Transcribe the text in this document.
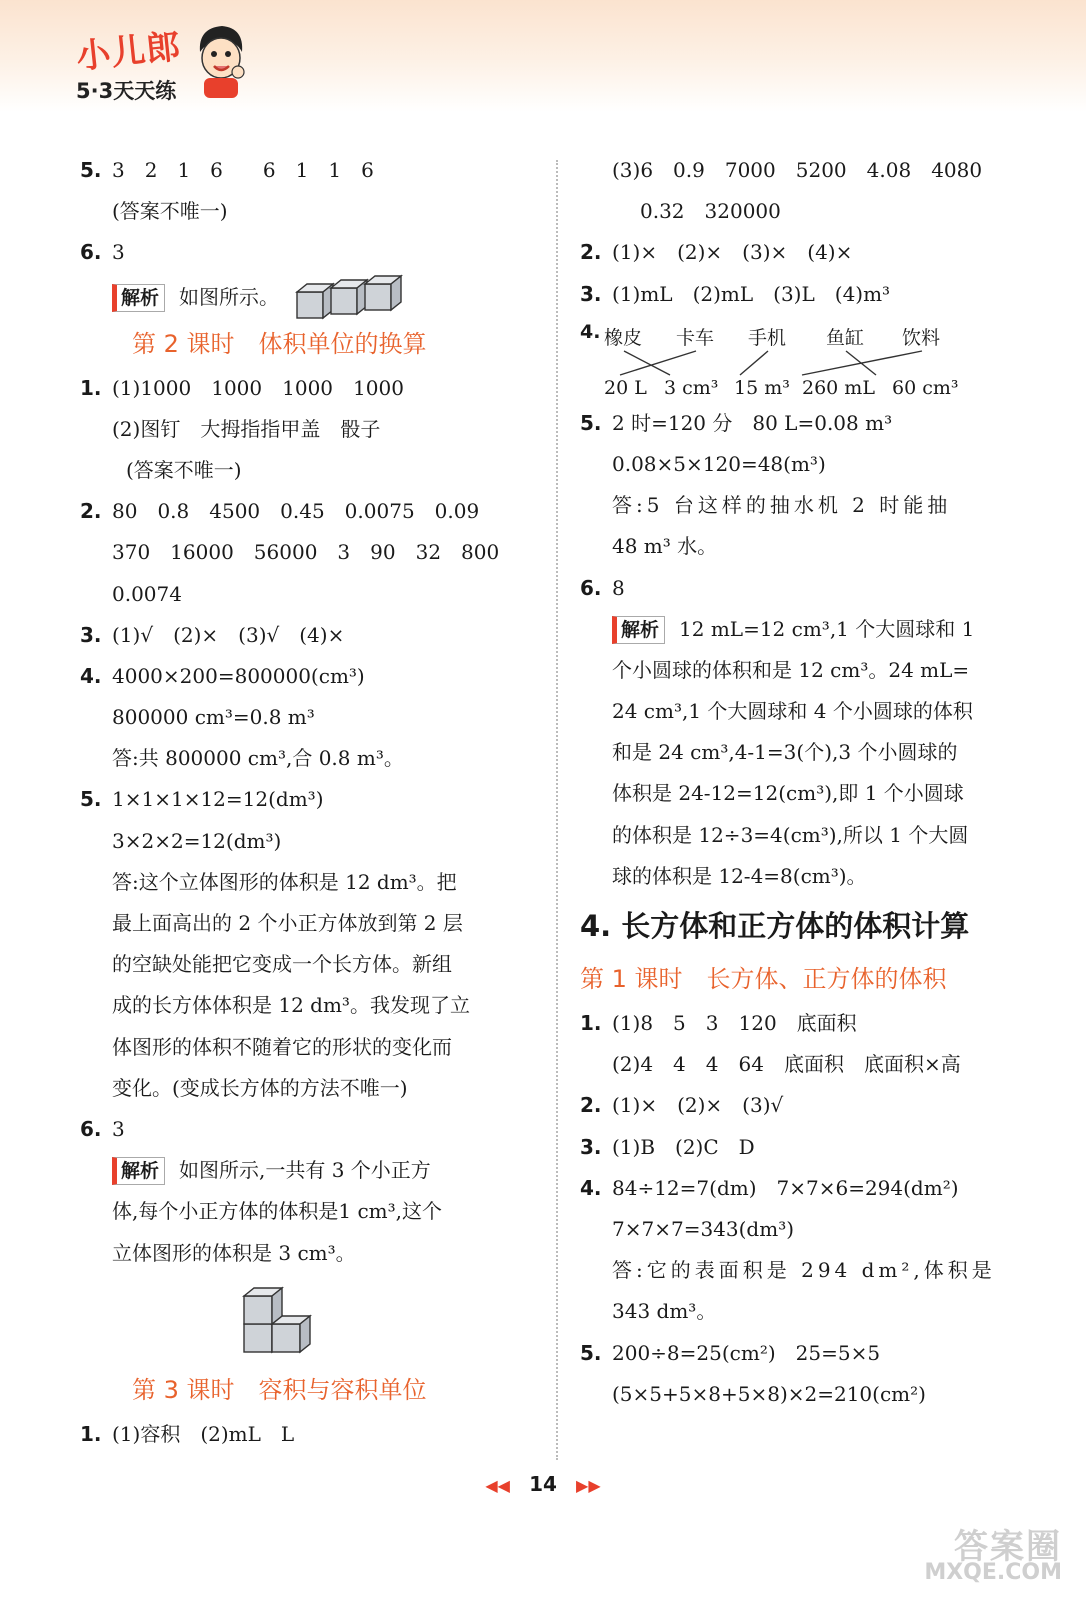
小儿郎
5·3天天练
5. 3　2　1　6　　6　1　1　6
(答案不唯一)
6. 3
解析 如图所示。
第 2 课时　体积单位的换算
1. (1)1000　1000　1000　1000
(2)图钉　大拇指指甲盖　骰子
(答案不唯一)
2. 80　0.8　4500　0.45　0.0075　0.09
370　16000　56000　3　90　32　800
0.0074
3. (1)√　(2)×　(3)√　(4)×
4. 4000×200=800000(cm³)
800000 cm³=0.8 m³
答:共 800000 cm³,合 0.8 m³。
5. 1×1×1×12=12(dm³)
3×2×2=12(dm³)
答:这个立体图形的体积是 12 dm³。把
最上面高出的 2 个小正方体放到第 2 层
的空缺处能把它变成一个长方体。新组
成的长方体体积是 12 dm³。我发现了立
体图形的体积不随着它的形状的变化而
变化。(变成长方体的方法不唯一)
6. 3
解析 如图所示,一共有 3 个小正方
体,每个小正方体的体积是1 cm³,这个
立体图形的体积是 3 cm³。
第 3 课时　容积与容积单位
1. (1)容积　(2)mL　L
(3)6　0.9　7000　5200　4.08　4080
0.32　320000
2. (1)×　(2)×　(3)×　(4)×
3. (1)mL　(2)mL　(3)L　(4)m³
4. 橡皮 卡车 手机 鱼缸 饮料
20 L 3 cm³ 15 m³ 260 mL 60 cm³
5. 2 时=120 分　80 L=0.08 m³
0.08×5×120=48(m³)
答:5 台这样的抽水机 2 时能抽
48 m³ 水。
6. 8
解析 12 mL=12 cm³,1 个大圆球和 1
个小圆球的体积和是 12 cm³。24 mL=
24 cm³,1 个大圆球和 4 个小圆球的体积
和是 24 cm³,4-1=3(个),3 个小圆球的
体积是 24-12=12(cm³),即 1 个小圆球
的体积是 12÷3=4(cm³),所以 1 个大圆
球的体积是 12-4=8(cm³)。
4. 长方体和正方体的体积计算
第 1 课时　长方体、正方体的体积
1. (1)8　5　3　120　底面积
(2)4　4　4　64　底面积　底面积×高
2. (1)×　(2)×　(3)√
3. (1)B　(2)C　D
4. 84÷12=7(dm)　7×7×6=294(dm²)
7×7×7=343(dm³)
答:它的表面积是 294 dm²,体积是
343 dm³。
5. 200÷8=25(cm²)　25=5×5
(5×5+5×8+5×8)×2=210(cm²)
◀◀ 14 ▶▶
答案圈
MXQE.COM
